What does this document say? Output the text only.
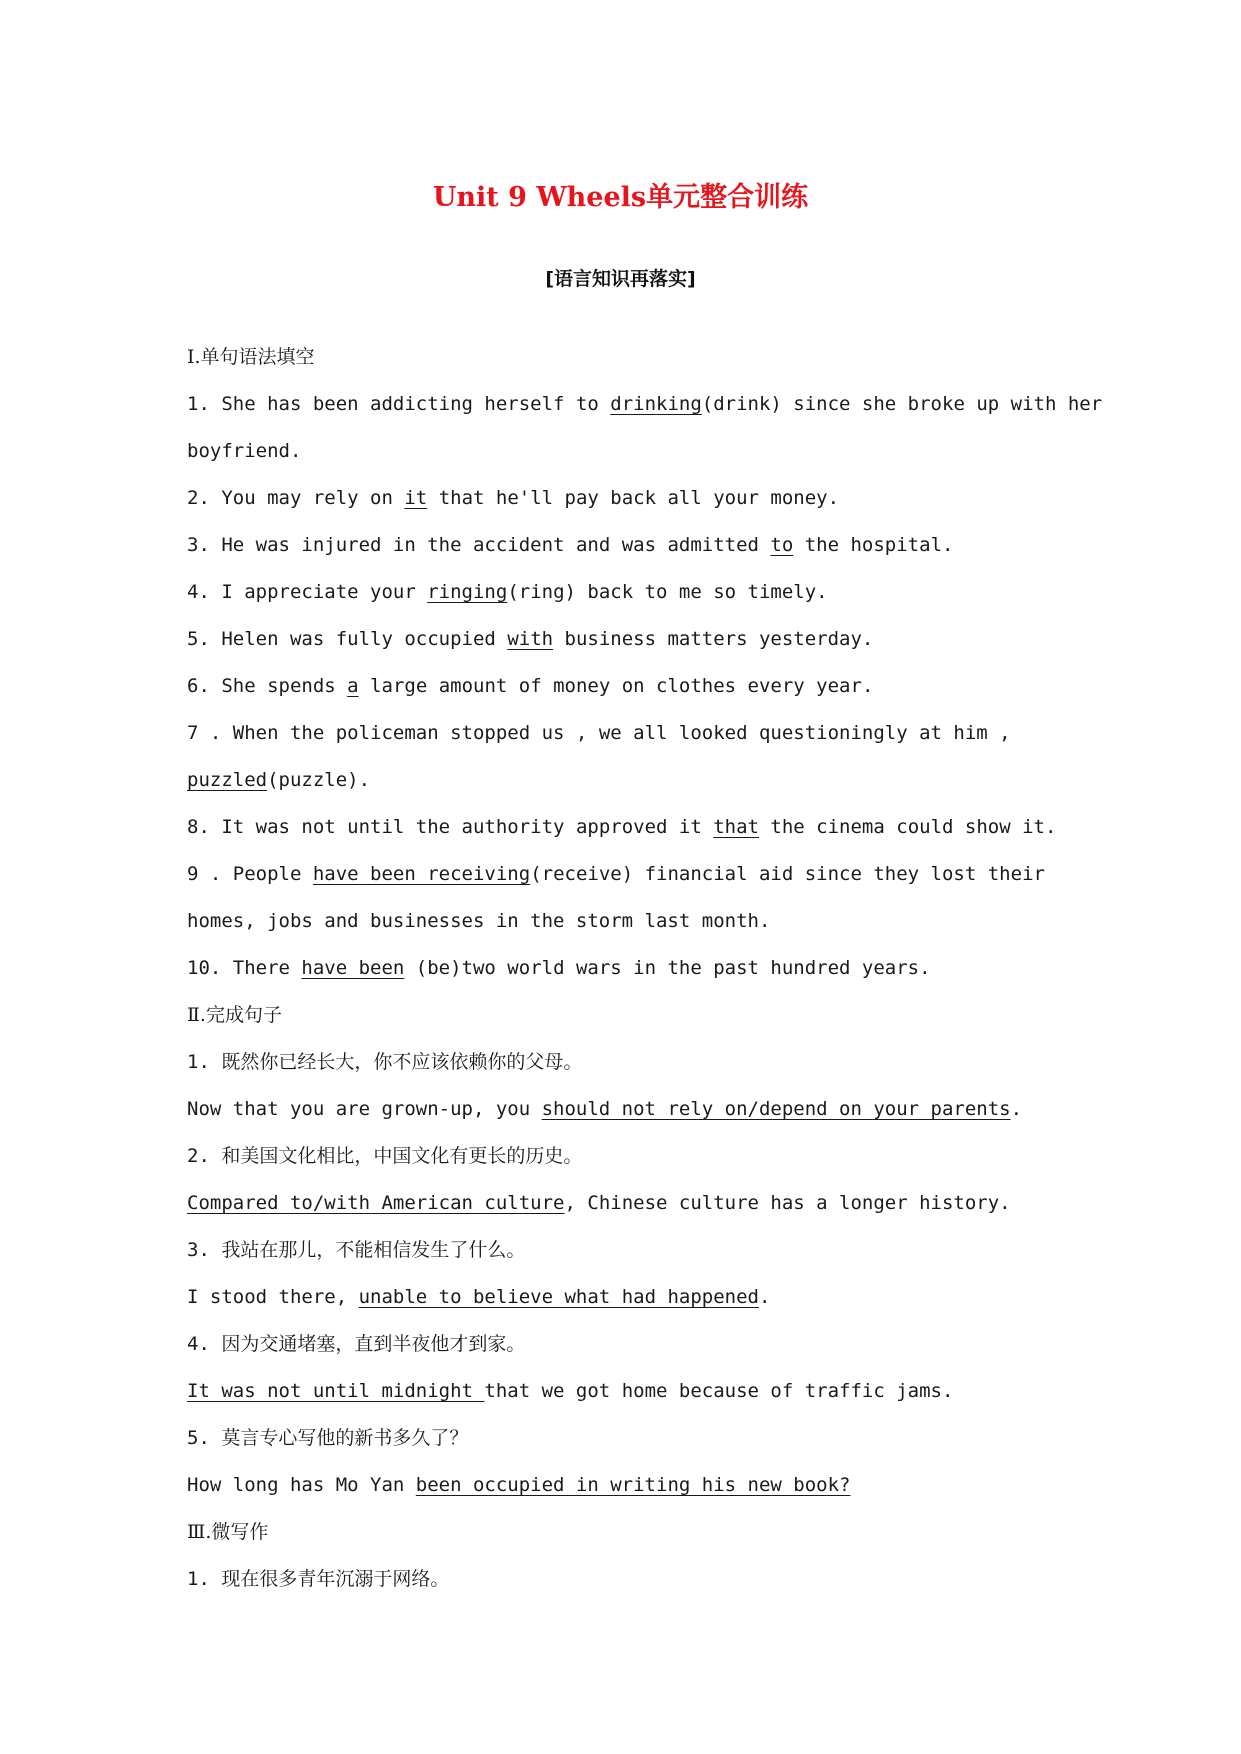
Unit 9 Wheels单元整合训练
[语言知识再落实]
Ⅰ.单句语法填空
1. She has been addicting herself to drinking(drink) since she broke up with her
boyfriend.
2. You may rely on it that he'll pay back all your money.
3. He was injured in the accident and was admitted to the hospital.
4. I appreciate your ringing(ring) back to me so timely.
5. Helen was fully occupied with business matters yesterday.
6. She spends a large amount of money on clothes every year.
7 . When the policeman stopped us , we all looked questioningly at him ,
puzzled(puzzle).
8. It was not until the authority approved it that the cinema could show it.
9 . People have been receiving(receive) financial aid since they lost their
homes, jobs and businesses in the storm last month.
10. There have been (be)two world wars in the past hundred years.
Ⅱ.完成句子
1. 既然你已经长大，你不应该依赖你的父母。
Now that you are grown-up, you should not rely on/depend on your parents.
2. 和美国文化相比，中国文化有更长的历史。
Compared to/with American culture, Chinese culture has a longer history.
3. 我站在那儿，不能相信发生了什么。
I stood there, unable to believe what had happened.
4. 因为交通堵塞，直到半夜他才到家。
It was not until midnight that we got home because of traffic jams.
5. 莫言专心写他的新书多久了？
How long has Mo Yan been occupied in writing his new book?
Ⅲ.微写作
1. 现在很多青年沉溺于网络。
